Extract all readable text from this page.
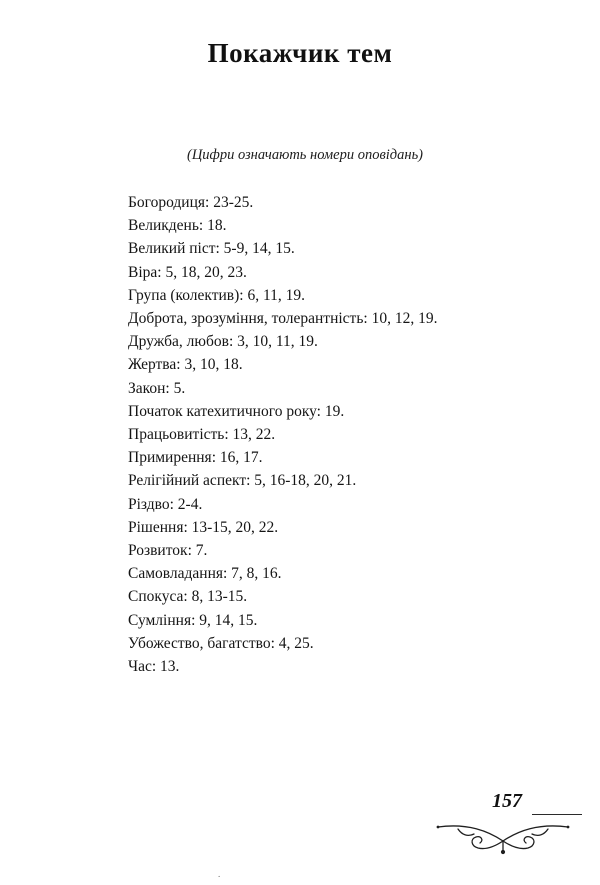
Покажчик тем

(Цифри означають номери оповідань)

Богородиця: 23-25.
Великдень: 18.
Великий піст: 5-9, 14, 15.
Віра: 5, 18, 20, 23.
Група (колектив): 6, 11, 19.
Доброта, зрозуміння, толерантність: 10, 12, 19.
Дружба, любов: 3, 10, 11, 19.
Жертва: 3, 10, 18.
Закон: 5.
Початок катехитичного року: 19.
Працьовитість: 13, 22.
Примирення: 16, 17.
Релігійний аспект: 5, 16-18, 20, 21.
Різдво: 2-4.
Рішення: 13-15, 20, 22.
Розвиток: 7.
Самовладання: 7, 8, 16.
Спокуса: 8, 13-15.
Сумління: 9, 14, 15.
Убожество, багатство: 4, 25.
Час: 13.
157
.
